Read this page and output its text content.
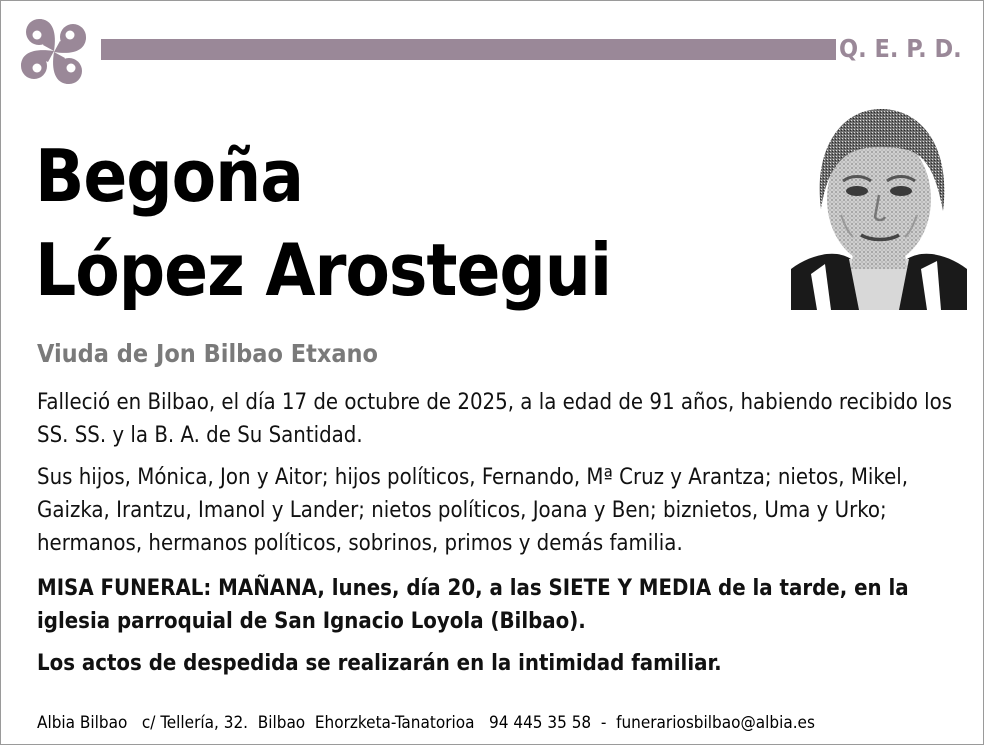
Q. E. P. D.
Begoña
López Arostegui
Viuda de Jon Bilbao Etxano

Falleció en Bilbao, el día 17 de octubre de 2025, a la edad de 91 años, habiendo recibido los SS. SS. y la B. A. de Su Santidad.

Sus hijos, Mónica, Jon y Aitor; hijos políticos, Fernando, Mª Cruz y Arantza; nietos, Mikel, Gaizka, Irantzu, Imanol y Lander; nietos políticos, Joana y Ben; biznietos, Uma y Urko; hermanos, hermanos políticos, sobrinos, primos y demás familia.

MISA FUNERAL: MAÑANA, lunes, día 20, a las SIETE Y MEDIA de la tarde, en la iglesia parroquial de San Ignacio Loyola (Bilbao).

Los actos de despedida se realizarán en la intimidad familiar.

Albia Bilbao   c/ Tellería, 32.  Bilbao  Ehorzketa-Tanatorioa   94 445 35 58  -  funerariosbilbao@albia.es
